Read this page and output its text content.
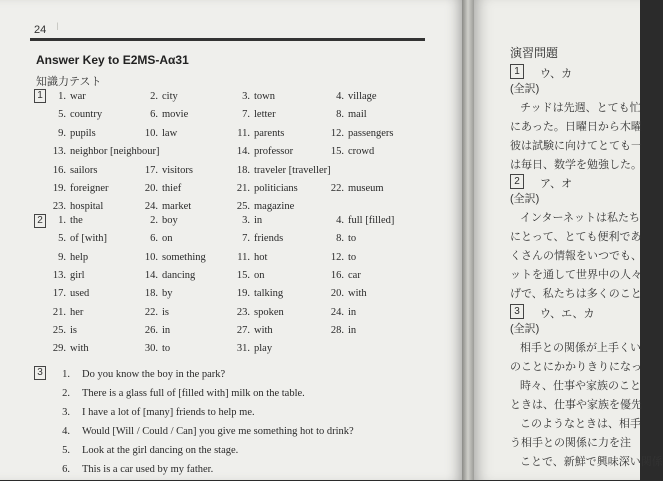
Ⅰ
24
Answer Key to E2MS-Aα31
知識力テスト
1	1. war	2. city	3. town	4. village
5. country	6. movie	7. letter	8. mail
9. pupils	10. law	11. parents	12. passengers
13. neighbor [neighbour]	14. professor	15. crowd
16. sailors	17. visitors	18. traveler [traveller]
19. foreigner	20. thief	21. politicians	22. museum
23. hospital	24. market	25. magazine
2	1. the	2. boy	3. in	4. full [filled]
5. of [with]	6. on	7. friends	8. to
9. help	10. something	11. hot	12. to
13. girl	14. dancing	15. on	16. car
17. used	18. by	19. talking	20. with
21. her	22. is	23. spoken	24. in
25. is	26. in	27. with	28. in
29. with	30. to	31. play
3	1. Do you know the boy in the park?
2. There is a glass full of [filled with] milk on the table.
3. I have a lot of [many] friends to help me.
4. Would [Will / Could / Can] you give me something hot to drink?
5. Look at the girl dancing on the stage.
6. This is a car used by my father.
演習問題
1	ウ、カ
(全訳)
チッドは先週、とても忙
にあった。日曜日から木曜
彼は試験に向けてとても一
は毎日、数学を勉強した。
2	ア、オ
(全訳)
インターネットは私たち
にとって、とても便利であ
くさんの情報をいつでも、
ットを通して世界中の人々
げで、私たちは多くのこと
3	ウ、エ、カ
(全訳)
相手との関係が上手くい
のことにかかりきりになっ
時々、仕事や家族のこと
ときは、仕事や家族を優先
このようなときは、相手
う相手との関係に力を注
ことで、新鮮で興味深い関係
